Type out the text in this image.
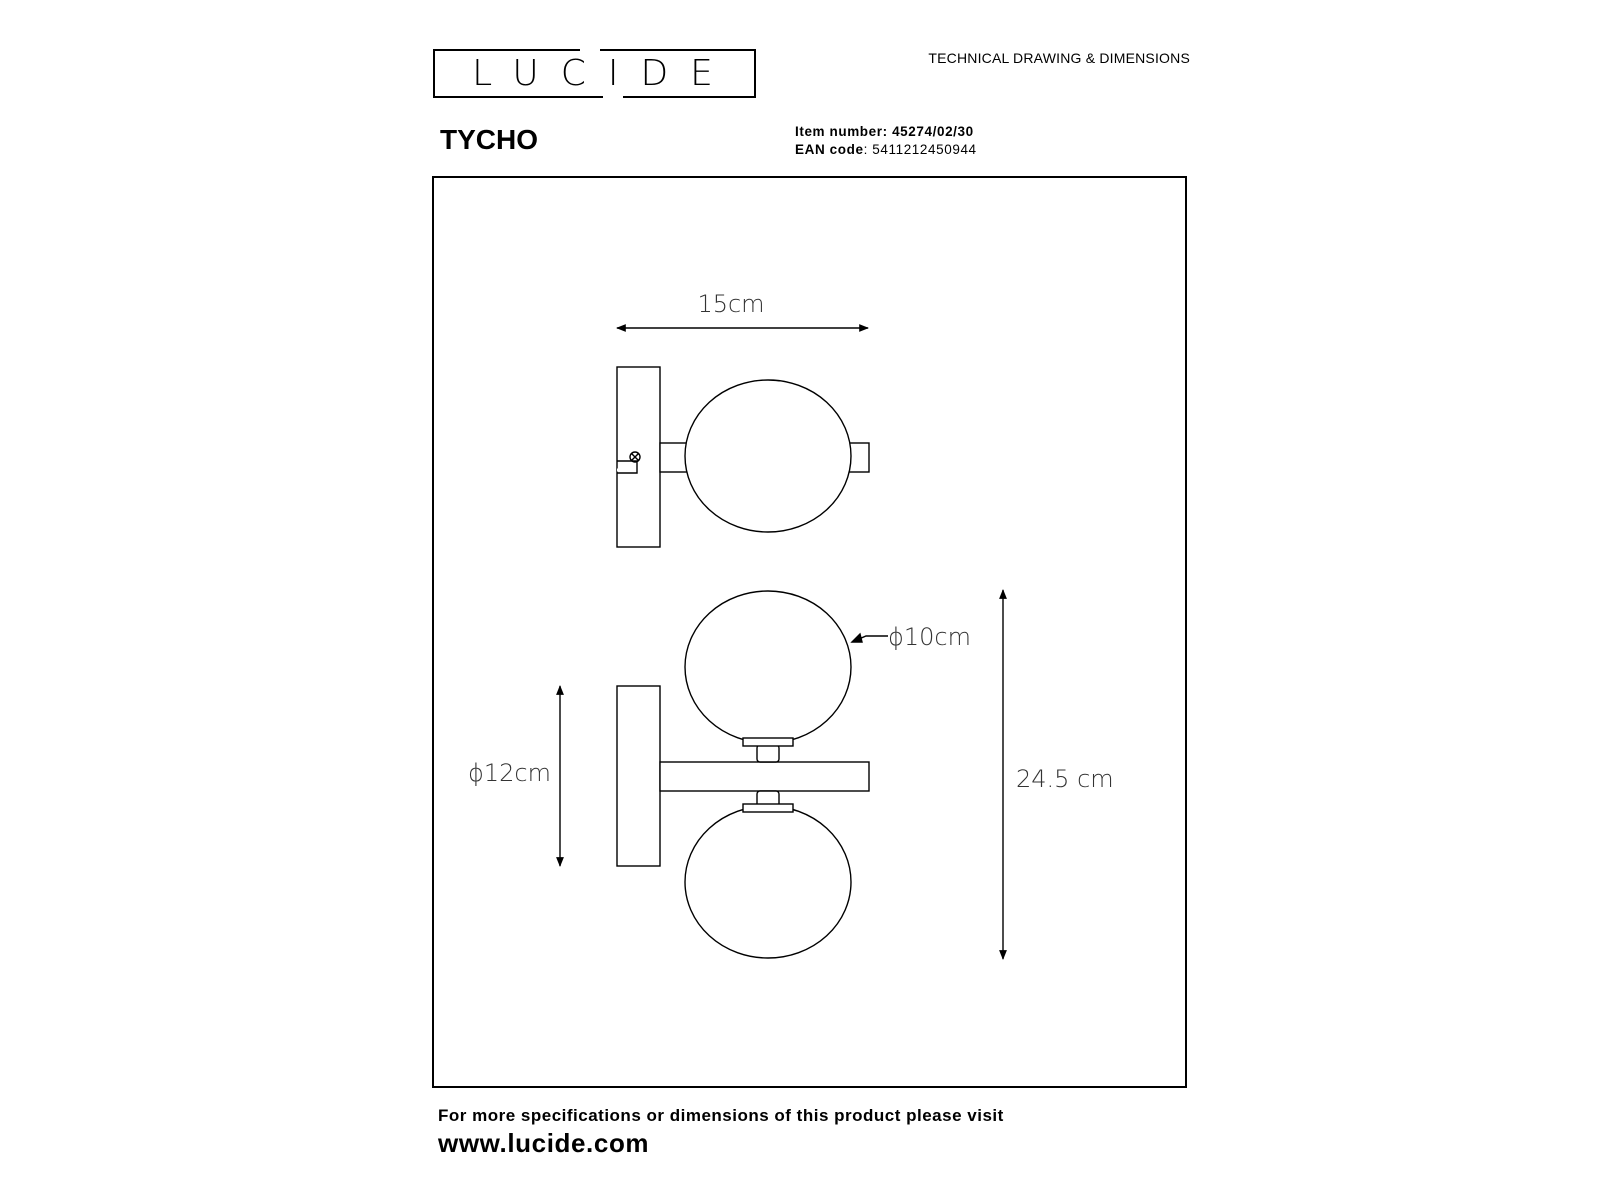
LUCIDE	TECHNICAL DRAWING & DIMENSIONS
TYCHO	Item number: 45274/02/30
EAN code: 5411212450944
15cm
ϕ10cm
ϕ12cm	24.5 cm
For more specifications or dimensions of this product please visit
www.lucide.com
